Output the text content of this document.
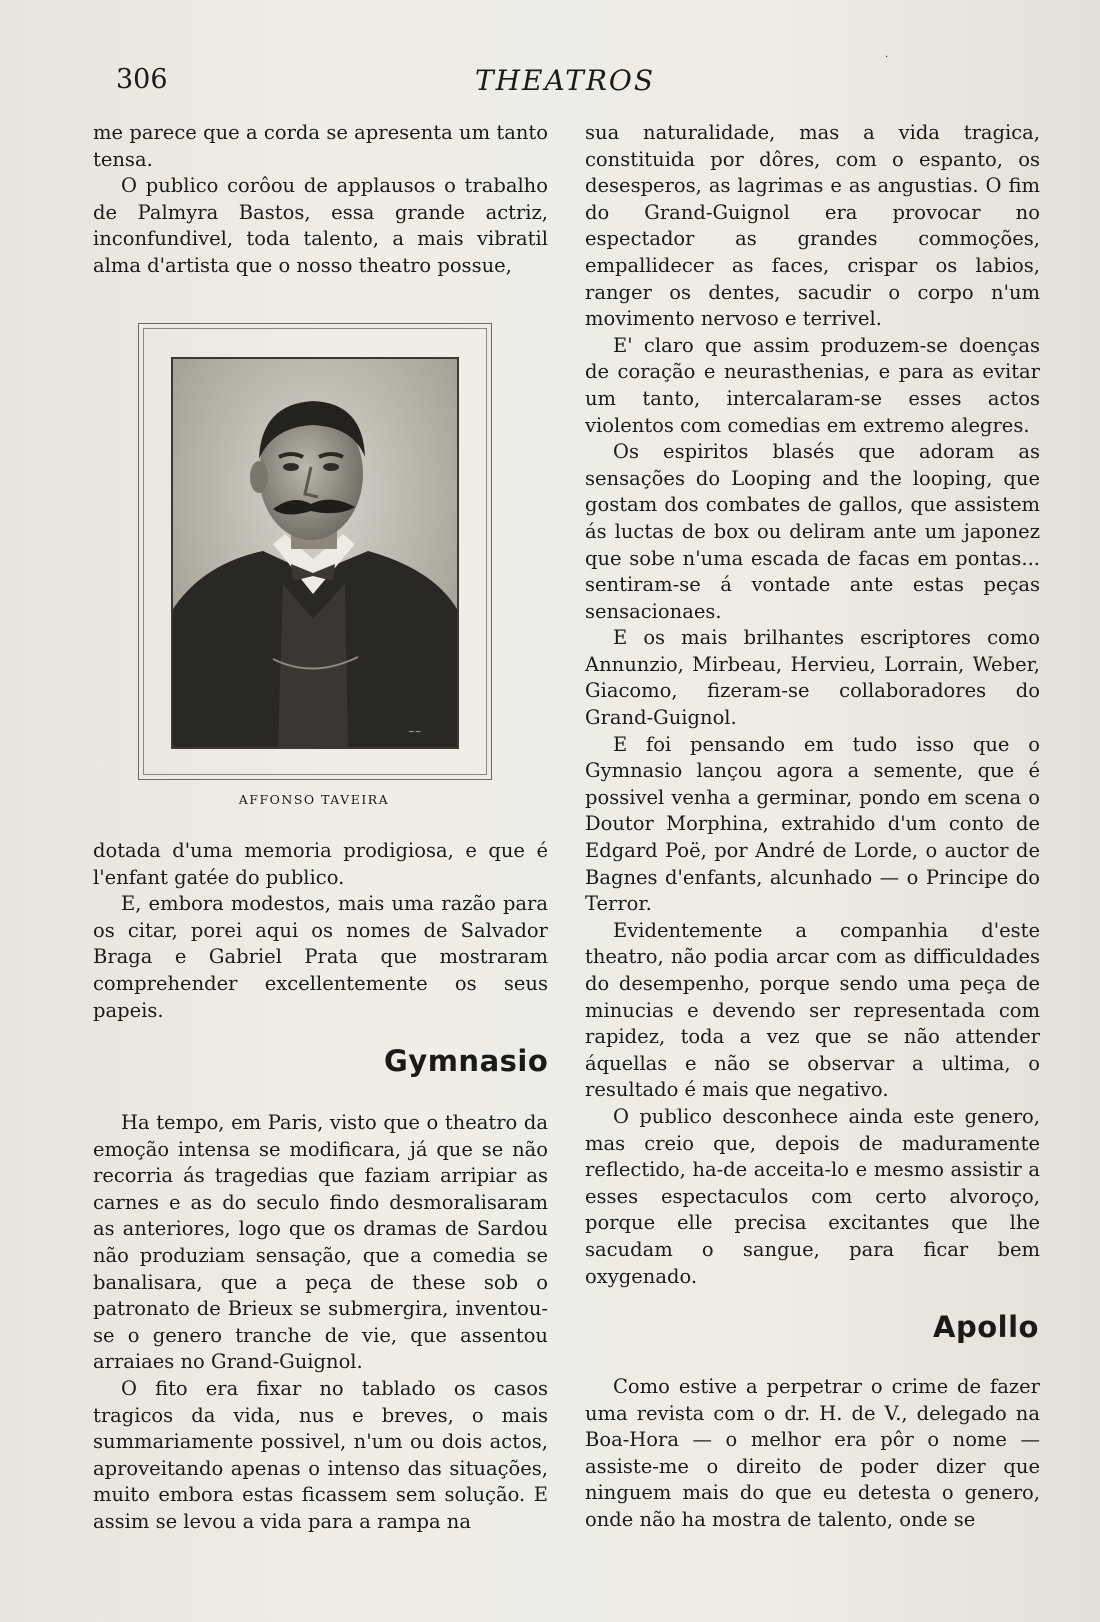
306	THEATROS
·

me parece que a corda se apresenta um tanto tensa.

O publico corôou de applausos o trabalho de Palmyra Bastos, essa grande actriz, inconfundivel, toda talento, a mais vibratil alma d'artista que o nosso theatro possue,

~~
AFFONSO TAVEIRA

dotada d'uma memoria prodigiosa, e que é l'enfant gatée do publico.

E, embora modestos, mais uma razão para os citar, porei aqui os nomes de Salvador Braga e Gabriel Prata que mostraram comprehender excellentemente os seus papeis.

Gymnasio

Ha tempo, em Paris, visto que o theatro da emoção intensa se modificara, já que se não recorria ás tragedias que faziam arripiar as carnes e as do seculo findo desmoralisaram as anteriores, logo que os dramas de Sardou não produziam sensação, que a comedia se banalisara, que a peça de these sob o patronato de Brieux se submergira, inventou-se o genero tranche de vie, que assentou arraiaes no Grand-Guignol.

O fito era fixar no tablado os casos tragicos da vida, nus e breves, o mais summariamente possivel, n'um ou dois actos, aproveitando apenas o intenso das situações, muito embora estas ficassem sem solução. E assim se levou a vida para a rampa na

sua naturalidade, mas a vida tragica, constituida por dôres, com o espanto, os desesperos, as lagrimas e as angustias. O fim do Grand-Guignol era provocar no espectador as grandes commoções, empallidecer as faces, crispar os labios, ranger os dentes, sacudir o corpo n'um movimento nervoso e terrivel.

E' claro que assim produzem-se doenças de coração e neurasthenias, e para as evitar um tanto, intercalaram-se esses actos violentos com comedias em extremo alegres.

Os espiritos blasés que adoram as sensações do Looping and the looping, que gostam dos combates de gallos, que assistem ás luctas de box ou deliram ante um japonez que sobe n'uma escada de facas em pontas... sentiram-se á vontade ante estas peças sensacionaes.

E os mais brilhantes escriptores como Annunzio, Mirbeau, Hervieu, Lorrain, Weber, Giacomo, fizeram-se collaboradores do Grand-Guignol.

E foi pensando em tudo isso que o Gymnasio lançou agora a semente, que é possivel venha a germinar, pondo em scena o Doutor Morphina, extrahido d'um conto de Edgard Poë, por André de Lorde, o auctor de Bagnes d'enfants, alcunhado — o Principe do Terror.

Evidentemente a companhia d'este theatro, não podia arcar com as difficuldades do desempenho, porque sendo uma peça de minucias e devendo ser representada com rapidez, toda a vez que se não attender áquellas e não se observar a ultima, o resultado é mais que negativo.

O publico desconhece ainda este genero, mas creio que, depois de maduramente reflectido, ha-de acceita-lo e mesmo assistir a esses espectaculos com certo alvoroço, porque elle precisa excitantes que lhe sacudam o sangue, para ficar bem oxygenado.

Apollo

Como estive a perpetrar o crime de fazer uma revista com o dr. H. de V., delegado na Boa-Hora — o melhor era pôr o nome — assiste-me o direito de poder dizer que ninguem mais do que eu detesta o genero, onde não ha mostra de talento, onde se
